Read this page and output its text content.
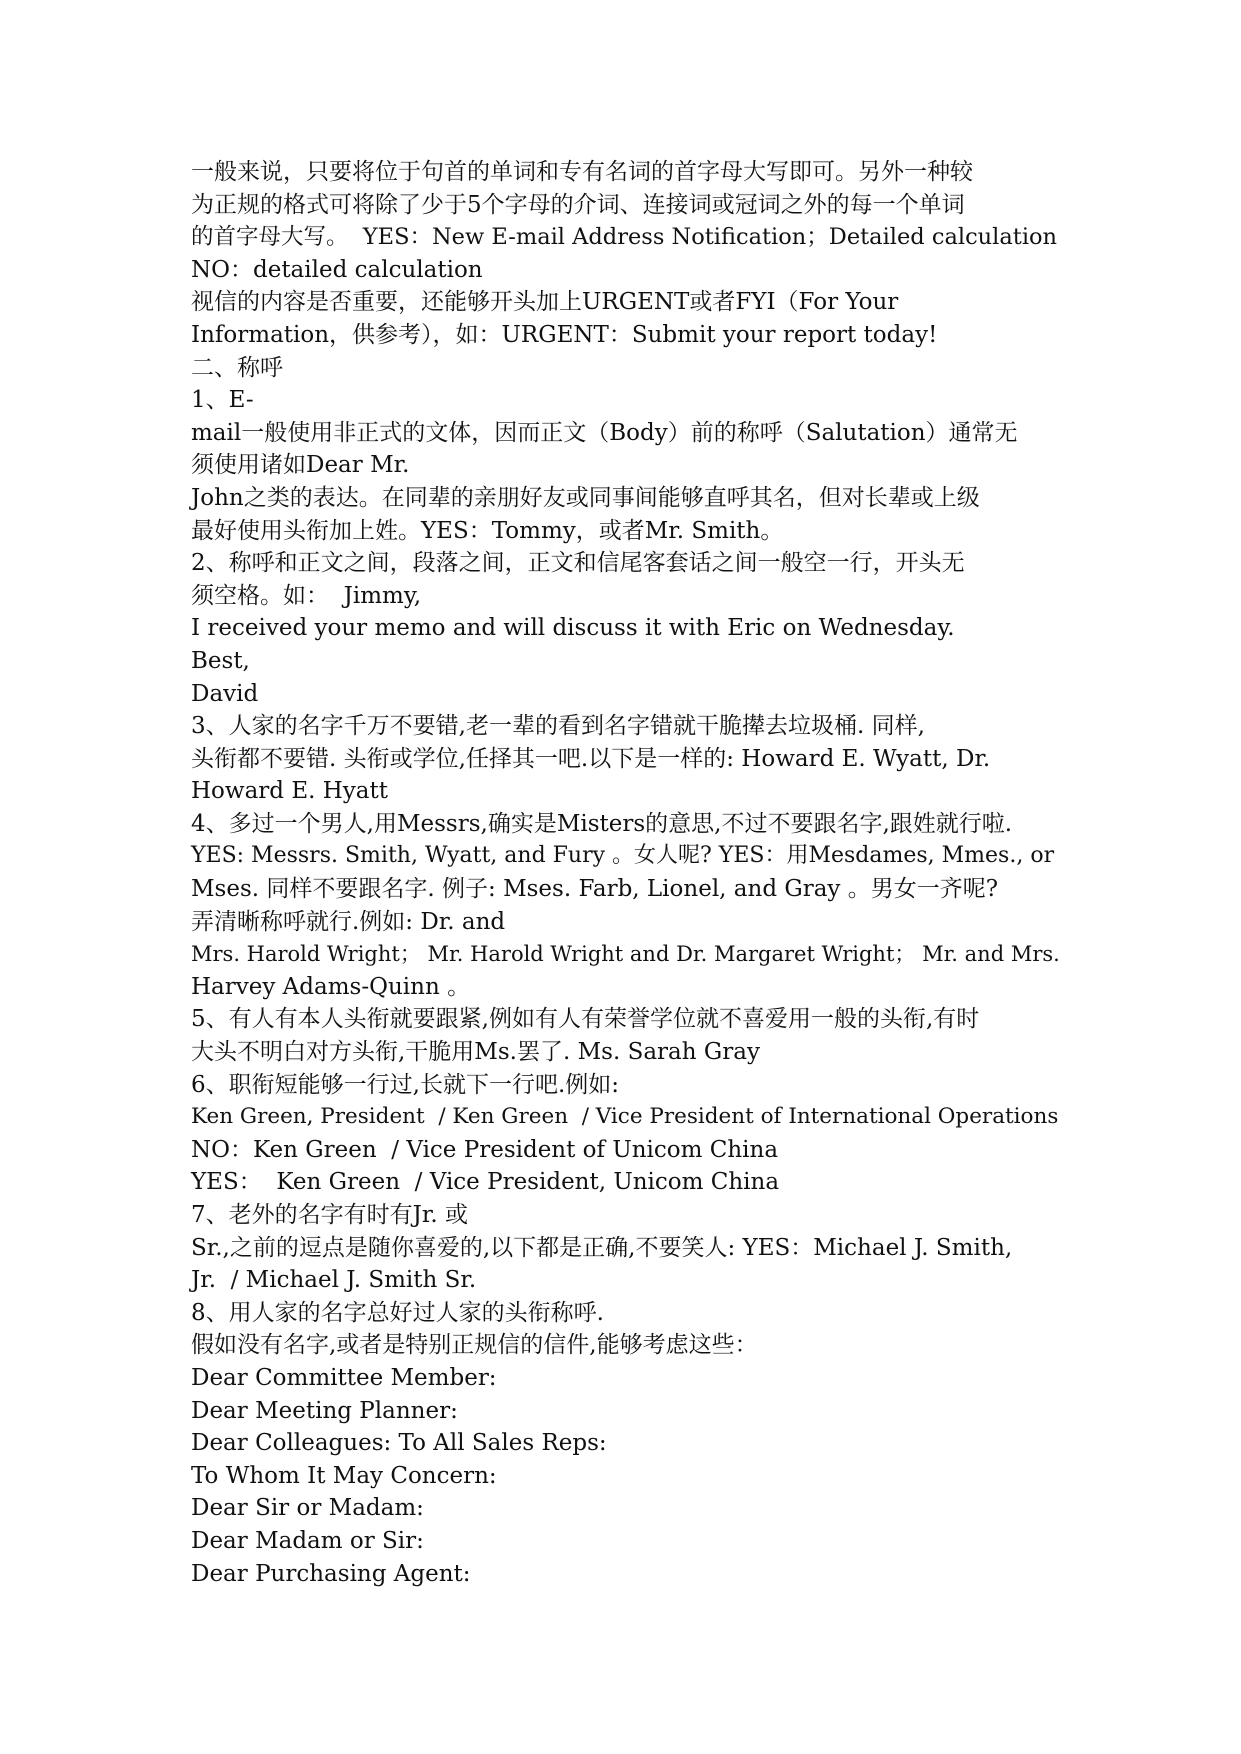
一般来说，只要将位于句首的单词和专有名词的首字母大写即可。另外一种较
为正规的格式可将除了少于5个字母的介词、连接词或冠词之外的每一个单词
的首字母大写。  YES：New E-mail Address Notification；Detailed calculation
NO：detailed calculation
视信的内容是否重要，还能够开头加上URGENT或者FYI（For Your
Information，供参考），如：URGENT：Submit your report today!
二、称呼
1、E-
mail一般使用非正式的文体，因而正文（Body）前的称呼（Salutation）通常无
须使用诸如Dear Mr.
John之类的表达。在同辈的亲朋好友或同事间能够直呼其名，但对长辈或上级
最好使用头衔加上姓。YES：Tommy，或者Mr. Smith。
2、称呼和正文之间，段落之间，正文和信尾客套话之间一般空一行，开头无
须空格。如：  Jimmy,
I received your memo and will discuss it with Eric on Wednesday.
Best,
David
3、人家的名字千万不要错,老一辈的看到名字错就干脆撵去垃圾桶. 同样,
头衔都不要错. 头衔或学位,任择其一吧.以下是一样的: Howard E. Wyatt, Dr.
Howard E. Hyatt
4、多过一个男人,用Messrs,确实是Misters的意思,不过不要跟名字,跟姓就行啦.
YES: Messrs. Smith, Wyatt, and Fury 。女人呢? YES：用Mesdames, Mmes., or
Mses. 同样不要跟名字. 例子: Mses. Farb, Lionel, and Gray 。男女一齐呢?
弄清晰称呼就行.例如: Dr. and
Mrs. Harold Wright； Mr. Harold Wright and Dr. Margaret Wright； Mr. and Mrs.
Harvey Adams-Quinn 。
5、有人有本人头衔就要跟紧,例如有人有荣誉学位就不喜爱用一般的头衔,有时
大头不明白对方头衔,干脆用Ms.罢了. Ms. Sarah Gray
6、职衔短能够一行过,长就下一行吧.例如:
Ken Green, President  / Ken Green  / Vice President of International Operations
NO：Ken Green  / Vice President of Unicom China
YES：  Ken Green  / Vice President, Unicom China
7、老外的名字有时有Jr. 或
Sr.,之前的逗点是随你喜爱的,以下都是正确,不要笑人: YES：Michael J. Smith,
Jr.  / Michael J. Smith Sr.
8、用人家的名字总好过人家的头衔称呼.
假如没有名字,或者是特别正规信的信件,能够考虑这些：
Dear Committee Member:
Dear Meeting Planner:
Dear Colleagues: To All Sales Reps:
To Whom It May Concern:
Dear Sir or Madam:
Dear Madam or Sir:
Dear Purchasing Agent:
